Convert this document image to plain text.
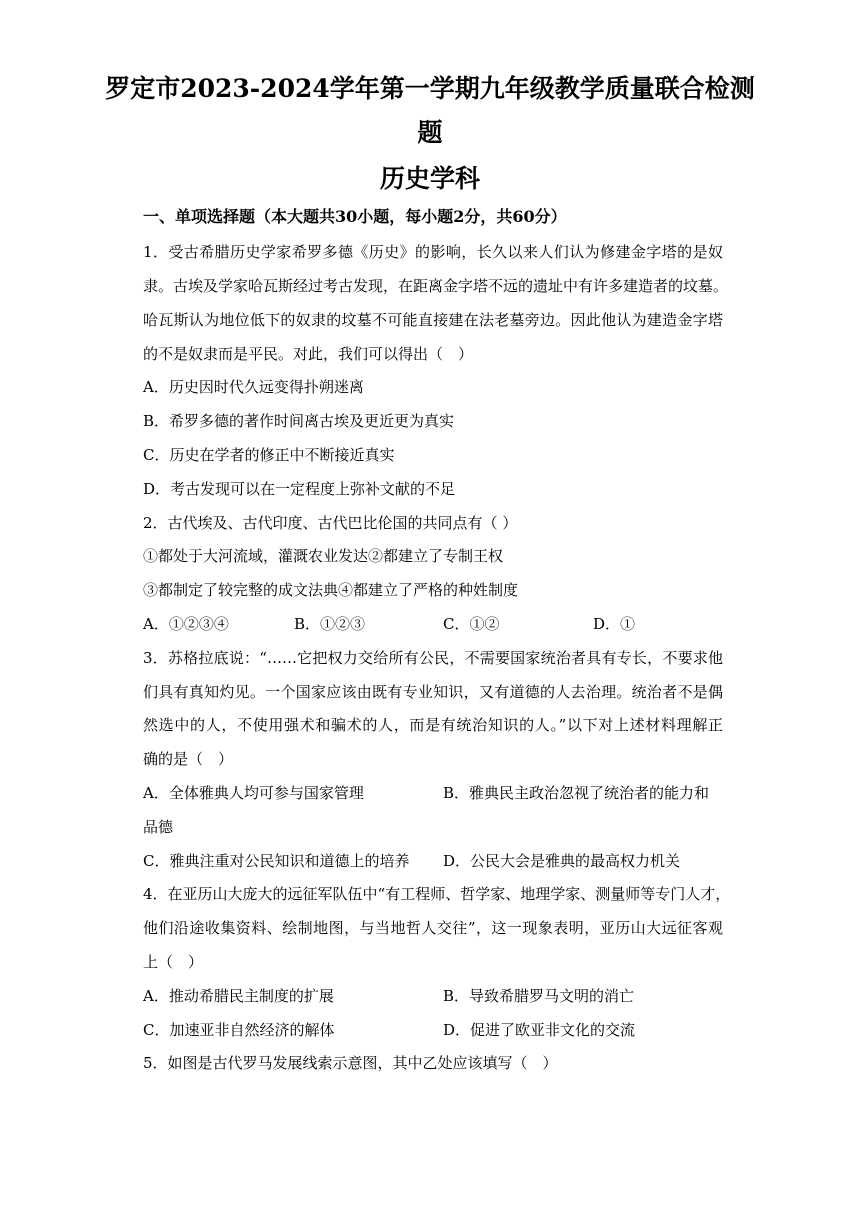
罗定市2023-2024学年第一学期九年级教学质量联合检测
题
历史学科
一、单项选择题（本大题共30小题，每小题2分，共60分）
1．受古希腊历史学家希罗多德《历史》的影响，长久以来人们认为修建金字塔的是奴
隶。古埃及学家哈瓦斯经过考古发现，在距离金字塔不远的遗址中有许多建造者的坟墓。
哈瓦斯认为地位低下的奴隶的坟墓不可能直接建在法老墓旁边。因此他认为建造金字塔
的不是奴隶而是平民。对此，我们可以得出（　）
A．历史因时代久远变得扑朔迷离
B．希罗多德的著作时间离古埃及更近更为真实
C．历史在学者的修正中不断接近真实
D．考古发现可以在一定程度上弥补文献的不足
2．古代埃及、古代印度、古代巴比伦国的共同点有（ ）
①都处于大河流域，灌溉农业发达②都建立了专制王权
③都制定了较完整的成文法典④都建立了严格的种姓制度
A．①②③④	B．①②③	C．①②	D．①
3．苏格拉底说：“……它把权力交给所有公民，不需要国家统治者具有专长，不要求他
们具有真知灼见。一个国家应该由既有专业知识，又有道德的人去治理。统治者不是偶
然选中的人，不使用强术和骗术的人，而是有统治知识的人。”以下对上述材料理解正
确的是（　）
A．全体雅典人均可参与国家管理	B．雅典民主政治忽视了统治者的能力和
品德
C．雅典注重对公民知识和道德上的培养 D．公民大会是雅典的最高权力机关
4．在亚历山大庞大的远征军队伍中“有工程师、哲学家、地理学家、测量师等专门人才，
他们沿途收集资料、绘制地图，与当地哲人交往”，这一现象表明，亚历山大远征客观
上（　）
A．推动希腊民主制度的扩展	B．导致希腊罗马文明的消亡
C．加速亚非自然经济的解体	D．促进了欧亚非文化的交流
5．如图是古代罗马发展线索示意图，其中乙处应该填写（　）
